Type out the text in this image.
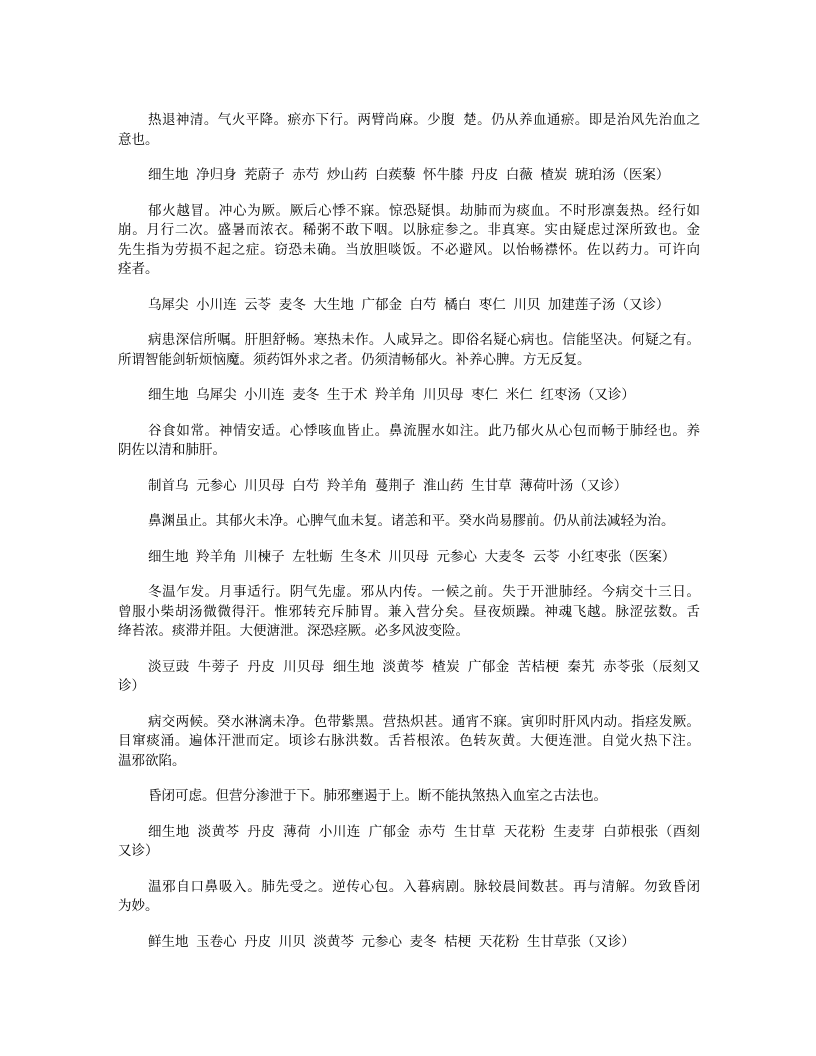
热退神清。气火平降。瘀亦下行。两臂尚麻。少腹 楚。仍从养血通瘀。即是治风先治血之
意也。
细生地 净归身 茺蔚子 赤芍 炒山药 白蒺藜 怀牛膝 丹皮 白薇 楂炭 琥珀汤（医案）
郁火越冒。冲心为厥。厥后心悸不寐。惊恐疑惧。劫肺而为痰血。不时形凛轰热。经行如
崩。月行二次。盛暑而浓衣。稀粥不敢下咽。以脉症参之。非真寒。实由疑虑过深所致也。金
先生指为劳损不起之症。窃恐未确。当放胆啖饭。不必避风。以怡畅襟怀。佐以药力。可许向
痊者。
乌犀尖 小川连 云苓 麦冬 大生地 广郁金 白芍 橘白 枣仁 川贝 加建莲子汤（又诊）
病患深信所嘱。肝胆舒畅。寒热未作。人咸异之。即俗名疑心病也。信能坚决。何疑之有。
所谓智能剑斩烦恼魔。须药饵外求之者。仍须清畅郁火。补养心脾。方无反复。
细生地 乌犀尖 小川连 麦冬 生于术 羚羊角 川贝母 枣仁 米仁 红枣汤（又诊）
谷食如常。神情安适。心悸咳血皆止。鼻流腥水如注。此乃郁火从心包而畅于肺经也。养
阴佐以清和肺肝。
制首乌 元参心 川贝母 白芍 羚羊角 蔓荆子 淮山药 生甘草 薄荷叶汤（又诊）
鼻渊虽止。其郁火未净。心脾气血未复。诸恙和平。癸水尚易膠前。仍从前法减轻为治。
细生地 羚羊角 川楝子 左牡蛎 生冬术 川贝母 元参心 大麦冬 云苓 小红枣张（医案）
冬温乍发。月事适行。阴气先虚。邪从内传。一候之前。失于开泄肺经。今病交十三日。
曾服小柴胡汤微微得汗。惟邪转充斥肺胃。兼入营分矣。昼夜烦躁。神魂飞越。脉涩弦数。舌
绛苔浓。痰滞并阻。大便溏泄。深恐痉厥。必多风波变险。
淡豆豉 牛蒡子 丹皮 川贝母 细生地 淡黄芩 楂炭 广郁金 苦桔梗 秦艽 赤苓张（辰刻又
诊）
病交两候。癸水淋漓未净。色带紫黑。营热炽甚。通宵不寐。寅卯时肝风内动。指痉发厥。
目窜痰涌。遍体汗泄而定。顷诊右脉洪数。舌苔根浓。色转灰黄。大便连泄。自觉火热下注。
温邪欲陷。
昏闭可虑。但营分渗泄于下。肺邪壅遏于上。断不能执煞热入血室之古法也。
细生地 淡黄芩 丹皮 薄荷 小川连 广郁金 赤芍 生甘草 天花粉 生麦芽 白茆根张（酉刻
又诊）
温邪自口鼻吸入。肺先受之。逆传心包。入暮病剧。脉较晨间数甚。再与清解。勿致昏闭
为妙。
鲜生地 玉卷心 丹皮 川贝 淡黄芩 元参心 麦冬 桔梗 天花粉 生甘草张（又诊）
